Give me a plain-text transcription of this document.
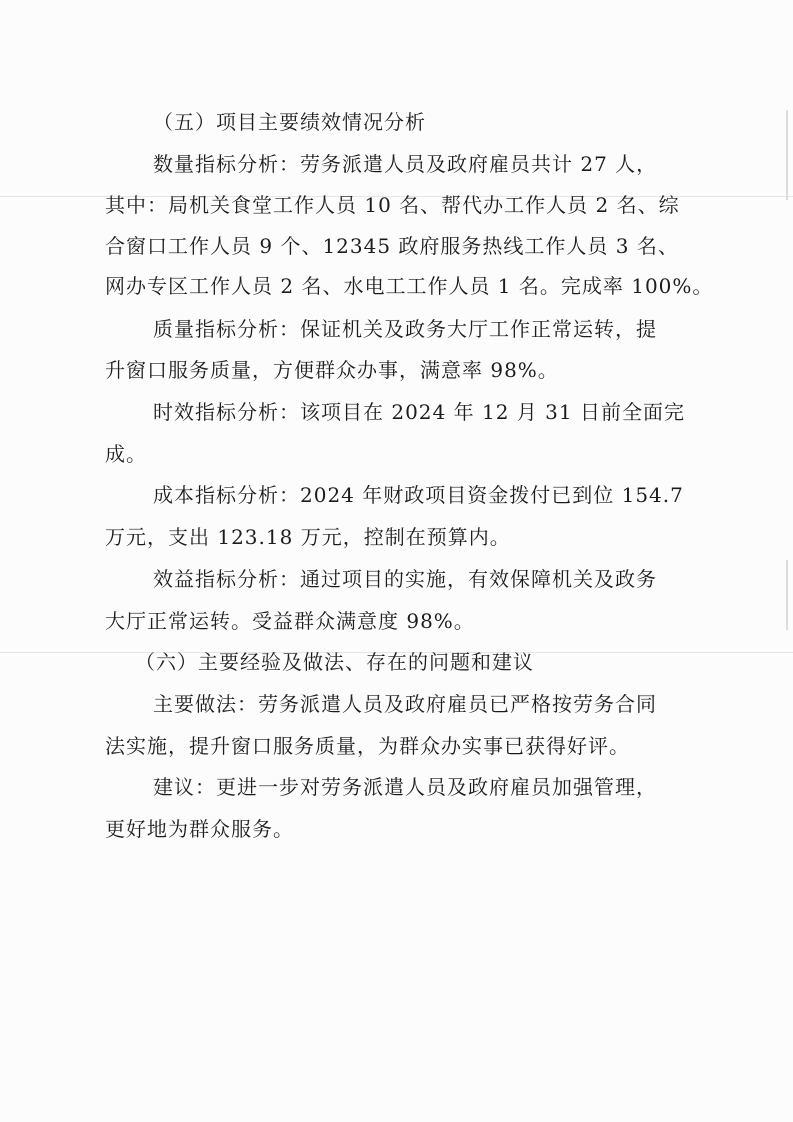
（五）项目主要绩效情况分析
数量指标分析：劳务派遣人员及政府雇员共计 27 人，
其中：局机关食堂工作人员 10 名、帮代办工作人员 2 名、综
合窗口工作人员 9 个、12345 政府服务热线工作人员 3 名、
网办专区工作人员 2 名、水电工工作人员 1 名。完成率 100%。
质量指标分析：保证机关及政务大厅工作正常运转，提
升窗口服务质量，方便群众办事，满意率 98%。
时效指标分析：该项目在 2024 年 12 月 31 日前全面完
成。
成本指标分析：2024 年财政项目资金拨付已到位 154.7
万元，支出 123.18 万元，控制在预算内。
效益指标分析：通过项目的实施，有效保障机关及政务
大厅正常运转。受益群众满意度 98%。
（六）主要经验及做法、存在的问题和建议
主要做法：劳务派遣人员及政府雇员已严格按劳务合同
法实施，提升窗口服务质量，为群众办实事已获得好评。
建议：更进一步对劳务派遣人员及政府雇员加强管理，
更好地为群众服务。
